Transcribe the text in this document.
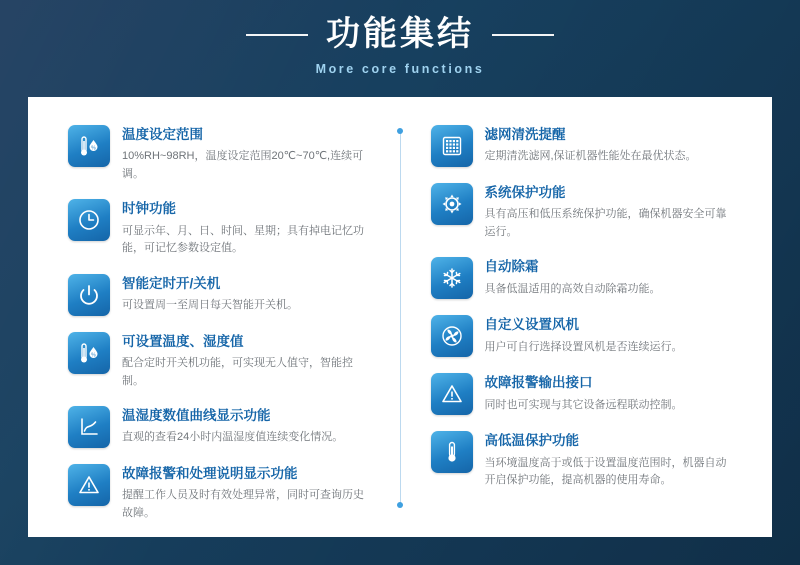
功能集结
More core functions
%
温度设定范围
10%RH~98RH，温度设定范围20℃~70℃,连续可调。
时钟功能
可显示年、月、日、时间、星期；具有掉电记忆功能，可记忆参数设定值。
智能定时开/关机
可设置周一至周日每天智能开关机。
%
可设置温度、湿度值
配合定时开关机功能，可实现无人值守，智能控制。
温湿度数值曲线显示功能
直观的查看24小时内温湿度值连续变化情况。
故障报警和处理说明显示功能
提醒工作人员及时有效处理异常，同时可查询历史故障。
滤网清洗提醒
定期清洗滤网,保证机器性能处在最优状态。
系统保护功能
具有高压和低压系统保护功能，确保机器安全可靠运行。
自动除霜
具备低温适用的高效自动除霜功能。
自定义设置风机
用户可自行选择设置风机是否连续运行。
故障报警输出接口
同时也可实现与其它设备远程联动控制。
高低温保护功能
当环境温度高于或低于设置温度范围时，机器自动开启保护功能，提高机器的使用寿命。
